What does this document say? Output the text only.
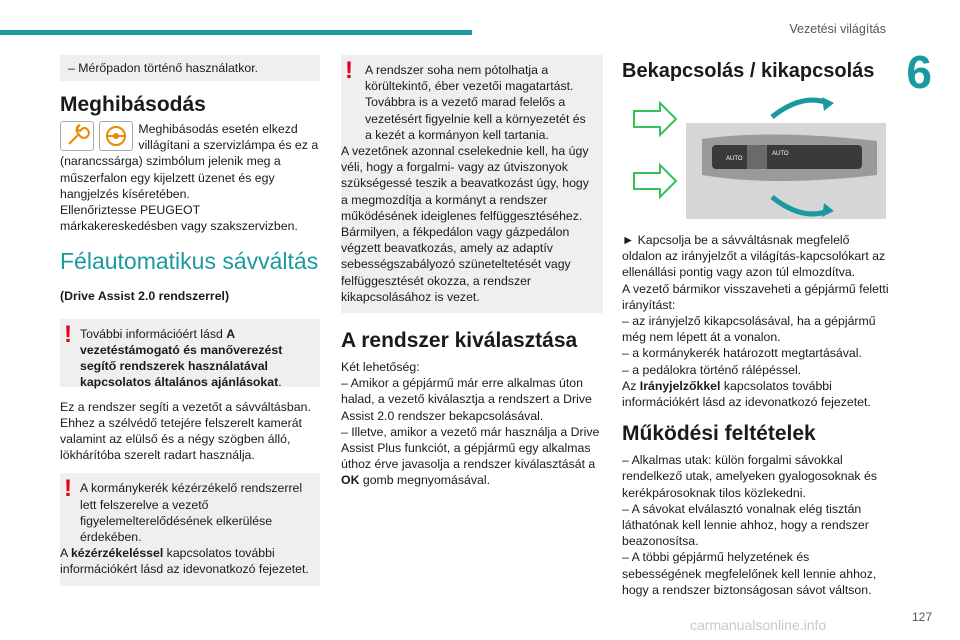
Vezetési világítás
6
– Mérőpadon történő használatkor.
Meghibásodás

Meghibásodás esetén elkezd villágítani a szervizlámpa és ez a (narancssárga) szimbólum jelenik meg a műszerfalon egy kijelzett üzenet és egy hangjelzés kíséretében.

Ellenőriztesse PEUGEOT márkakereskedésben vagy szakszervizben.

Félautomatikus sávváltás
(Drive Assist 2.0 rendszerrel)
! További információért lásd A vezetéstámogató és manőverezést segítő rendszerek használatával kapcsolatos általános ajánlásokat.

Ez a rendszer segíti a vezetőt a sávváltásban. Ehhez a szélvédő tetejére felszerelt kamerát valamint az elülső és a négy szögben álló, lökhárítóba szerelt radart használja.

! A kormánykerék kézérzékelő rendszerrel lett felszerelve a vezető figyelemelterelődésének elkerülése érdekében.

A kézérzékeléssel kapcsolatos további információkért lásd az idevonatkozó fejezetet.

! A rendszer soha nem pótolhatja a körültekintő, éber vezetői magatartást. Továbbra is a vezető marad felelős a vezetésért figyelnie kell a környezetét és a kezét a kormányon kell tartania.

A vezetőnek azonnal cselekednie kell, ha úgy véli, hogy a forgalmi- vagy az útviszonyok szükségessé teszik a beavatkozást úgy, hogy a megmozdítja a kormányt a rendszer működésének ideiglenes felfüggesztéséhez. Bármilyen, a fékpedálon vagy gázpedálon végzett beavatkozás, amely az adaptív sebességszabályozó szüneteltetését vagy felfüggesztését okozza, a rendszer kikapcsolásához is vezet.

A rendszer kiválasztása

Két lehetőség:

– Amikor a gépjármű már erre alkalmas úton halad, a vezető kiválasztja a rendszert a Drive Assist 2.0 rendszer bekapcsolásával.

– Illetve, amikor a vezető már használja a Drive Assist Plus funkciót, a gépjármű egy alkalmas úthoz érve javasolja a rendszer kiválasztását a OK gomb megnyomásával.

Bekapcsolás / kikapcsolás
AUTO
AUTO

► Kapcsolja be a sávváltásnak megfelelő oldalon az irányjelzőt a világítás-kapcsolókart az ellenállási pontig vagy azon túl elmozdítva.

A vezető bármikor visszaveheti a gépjármű feletti irányítást:

– az irányjelző kikapcsolásával, ha a gépjármű még nem lépett át a vonalon.

– a kormánykerék határozott megtartásával.

– a pedálokra történő rálépéssel.

Az Irányjelzőkkel kapcsolatos további információkért lásd az idevonatkozó fejezetet.

Működési feltételek

– Alkalmas utak: külön forgalmi sávokkal rendelkező utak, amelyeken gyalogosoknak és kerékpárosoknak tilos közlekedni.

– A sávokat elválasztó vonalnak elég tisztán láthatónak kell lennie ahhoz, hogy a rendszer beazonosítsa.

– A többi gépjármű helyzetének és sebességének megfelelőnek kell lennie ahhoz, hogy a rendszer biztonságosan sávot váltson.

carmanualsonline.info	127
